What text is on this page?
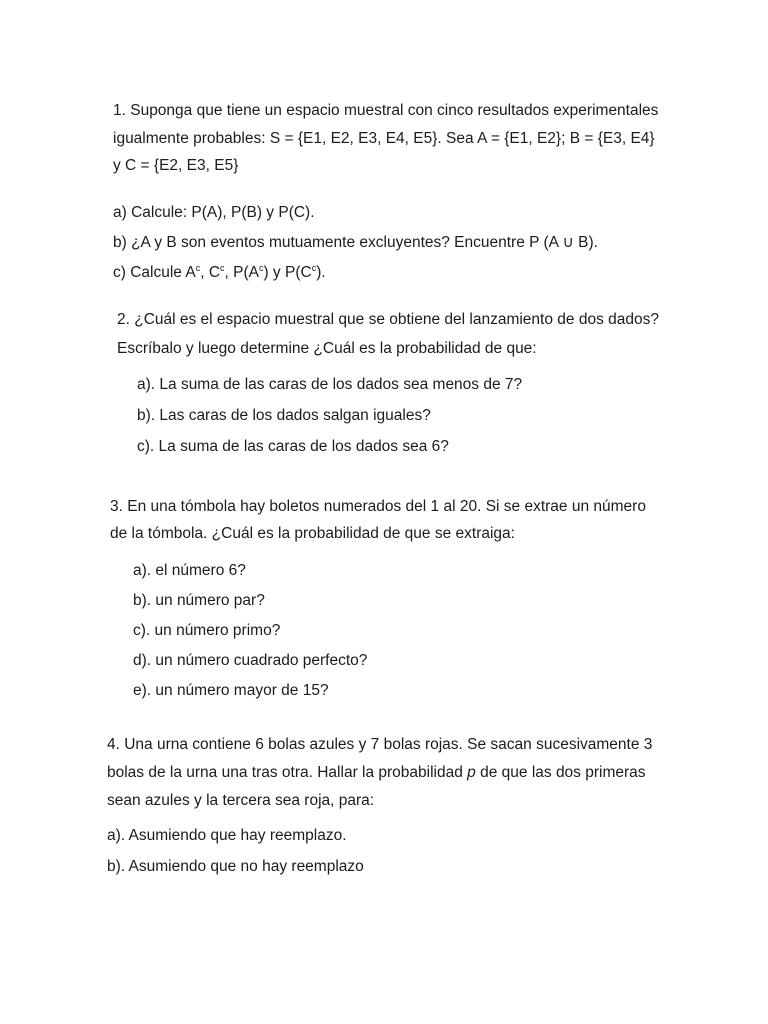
1. Suponga que tiene un espacio muestral con cinco resultados experimentales
igualmente probables: S = {E1, E2, E3, E4, E5}. Sea A = {E1, E2}; B = {E3, E4}
y C = {E2, E3, E5}
a) Calcule: P(A), P(B) y P(C).
b) ¿A y B son eventos mutuamente excluyentes? Encuentre P (A ∪ B).
c) Calcule $A^c$, $C^c$, $P(A^c)$ y $P(C^c)$.
2. ¿Cuál es el espacio muestral que se obtiene del lanzamiento de dos dados?
Escríbalo y luego determine ¿Cuál es la probabilidad de que:
a). La suma de las caras de los dados sea menos de 7?
b). Las caras de los dados salgan iguales?
c). La suma de las caras de los dados sea 6?
3. En una tómbola hay boletos numerados del 1 al 20. Si se extrae un número
de la tómbola. ¿Cuál es la probabilidad de que se extraiga:
a). el número 6?
b). un número par?
c). un número primo?
d). un número cuadrado perfecto?
e). un número mayor de 15?
4. Una urna contiene 6 bolas azules y 7 bolas rojas. Se sacan sucesivamente 3
bolas de la urna una tras otra. Hallar la probabilidad p de que las dos primeras
sean azules y la tercera sea roja, para:
a). Asumiendo que hay reemplazo.
b). Asumiendo que no hay reemplazo
